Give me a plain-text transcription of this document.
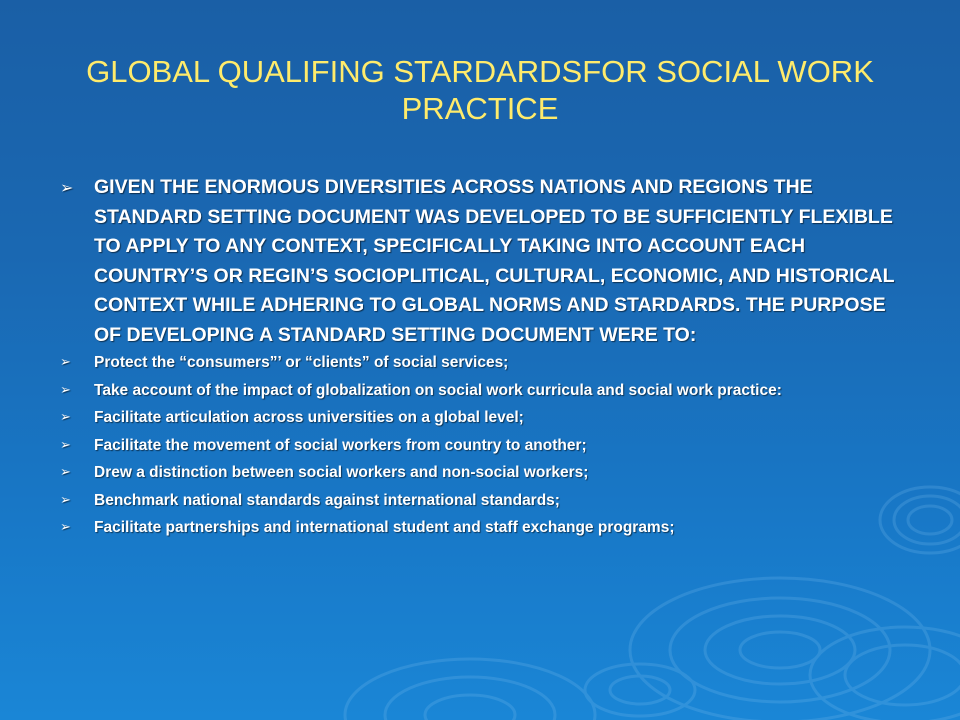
GLOBAL QUALIFING STARDARDSFOR SOCIAL WORK PRACTICE
➢ GIVEN THE ENORMOUS DIVERSITIES ACROSS NATIONS AND REGIONS THE STANDARD SETTING DOCUMENT WAS DEVELOPED TO BE SUFFICIENTLY FLEXIBLE TO APPLY TO ANY CONTEXT, SPECIFICALLY TAKING INTO ACCOUNT EACH COUNTRY’S OR REGIN’S SOCIOPLITICAL, CULTURAL, ECONOMIC, AND HISTORICAL CONTEXT WHILE ADHERING TO GLOBAL NORMS AND STARDARDS. THE PURPOSE OF DEVELOPING A STANDARD SETTING DOCUMENT WERE TO:
➢ Protect the “consumers”’ or “clients” of social services;
➢ Take account of the impact of globalization on social work curricula and social work practice:
➢ Facilitate articulation across universities on a global level;
➢ Facilitate the movement of social workers from country to another;
➢ Drew a distinction between social workers and non-social workers;
➢ Benchmark national standards against international standards;
➢ Facilitate partnerships and international student and staff exchange programs;
